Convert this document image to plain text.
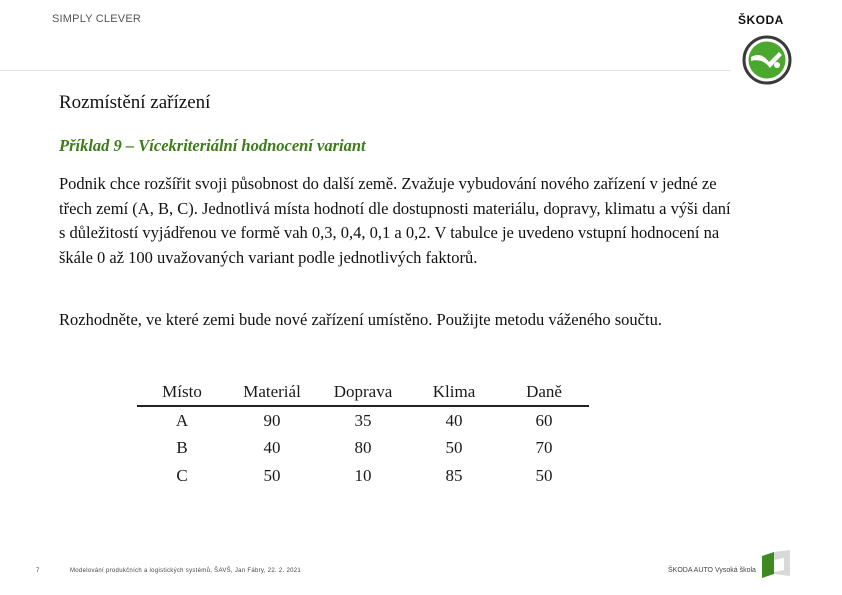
SIMPLY CLEVER	ŠKODA
Rozmístění zařízení
Příklad 9 – Vícekriteriální hodnocení variant

Podnik chce rozšířit svoji působnost do další země. Zvažuje vybudování nového zařízení v jedné ze třech zemí (A, B, C). Jednotlivá místa hodnotí dle dostupnosti materiálu, dopravy, klimatu a výši daní s důležitostí vyjádřenou ve formě vah 0,3, 0,4, 0,1 a 0,2. V tabulce je uvedeno vstupní hodnocení na škále 0 až 100 uvažovaných variant podle jednotlivých faktorů.

Rozhodněte, ve které zemi bude nové zařízení umístěno. Použijte metodu váženého součtu.

Místo	Materiál	Doprava	Klima	Daně
A	90	35	40	60
B	40	80	50	70
C	50	10	85	50
7	Modelování produkčních a logistických systémů, ŠAVŠ, Jan Fábry, 22. 2. 2021	ŠKODA AUTO Vysoká škola
